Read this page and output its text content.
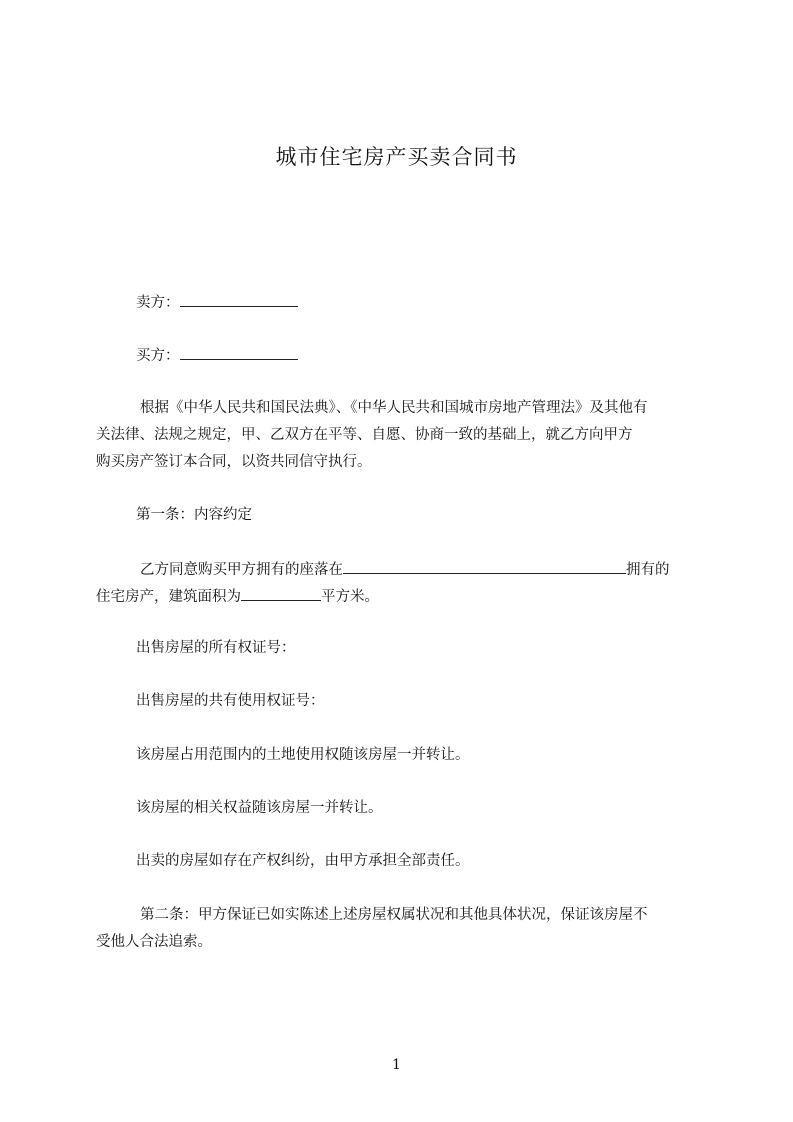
城市住宅房产买卖合同书
卖方：
买方：
根据《中华人民共和国民法典》、《中华人民共和国城市房地产管理法》及其他有
关法律、法规之规定，甲、乙双方在平等、自愿、协商一致的基础上，就乙方向甲方
购买房产签订本合同，以资共同信守执行。
第一条：内容约定
乙方同意购买甲方拥有的座落在	拥有的
住宅房产，建筑面积为	平方米。
出售房屋的所有权证号：
出售房屋的共有使用权证号：
该房屋占用范围内的土地使用权随该房屋一并转让。
该房屋的相关权益随该房屋一并转让。
出卖的房屋如存在产权纠纷，由甲方承担全部责任。
第二条：甲方保证已如实陈述上述房屋权属状况和其他具体状况，保证该房屋不
受他人合法追索。
1
